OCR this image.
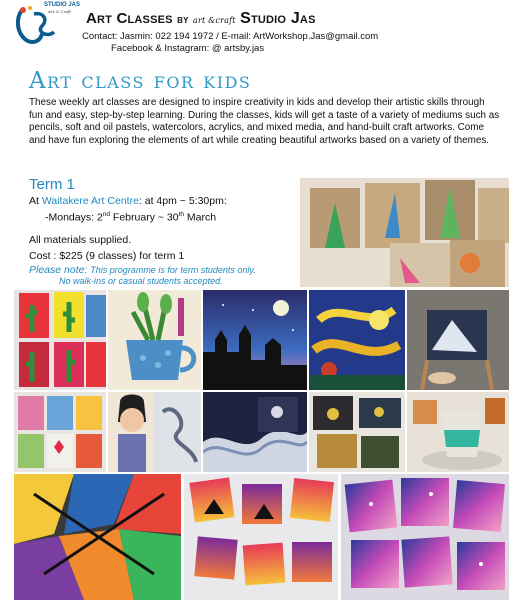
STUDIO JAS
Art & Craft Art Classes BY art &craft Studio Jas
Contact: Jasmin: 022 194 1972 / E-mail: ArtWorkshop.Jas@gmail.com
Facebook & Instagram: @ artsby.jas
Art class for kids
These weekly art classes are designed to inspire creativity in kids and develop their artistic skills through fun and easy, step-by-step learning. During the classes, kids will get a taste of a variety of mediums such as pencils, soft and oil pastels, watercolors, acrylics, and mixed media, and hand-built craft artworks. Come and have fun exploring the elements of art while creating beautiful artworks based on a variety of themes.
Term 1
At Waitakere Art Centre: at 4pm ~ 5:30pm:
-Mondays: 2nd February ~ 30th March
All materials supplied.
Cost : $225 (9 classes) for term 1
Please note: This programme is for term students only.
No walk-ins or casual students accepted.
